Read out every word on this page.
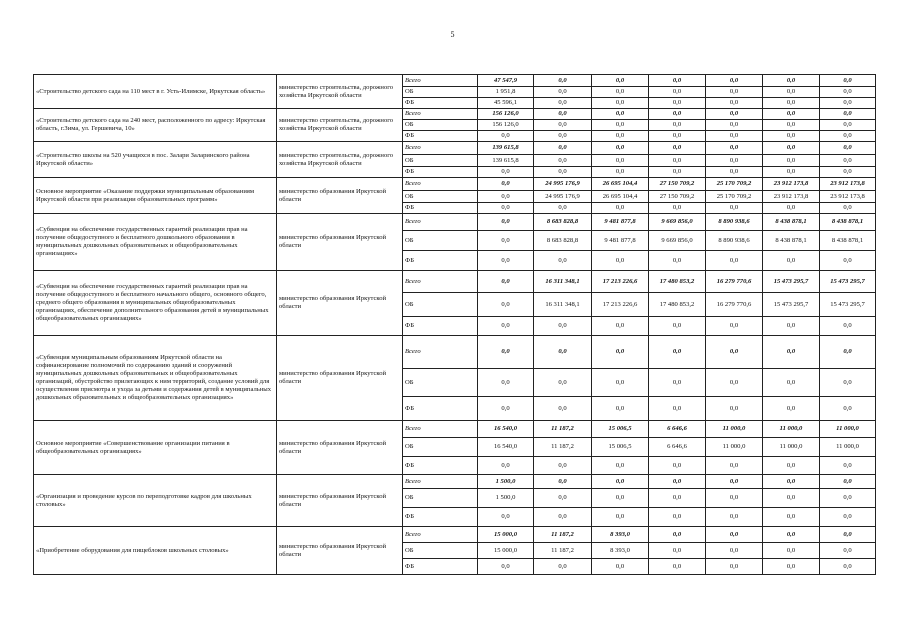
5
«Строительство детского сада на 110 мест в г. Усть-Илимске, Иркутская область»	министерство строительства, дорожного хозяйства Иркутской области	Всего	47 547,9	0,0	0,0	0,0	0,0	0,0	0,0
		ОБ	1 951,8	0,0	0,0	0,0	0,0	0,0	0,0
		ФБ	45 596,1	0,0	0,0	0,0	0,0	0,0	0,0
«Строительство детского сада на 240 мест, расположенного по адресу: Иркутская область, г.Зима, ул. Гершевича, 10»	министерство строительства, дорожного хозяйства Иркутской области	Всего	156 126,0	0,0	0,0	0,0	0,0	0,0	0,0
		ОБ	156 126,0	0,0	0,0	0,0	0,0	0,0	0,0
		ФБ	0,0	0,0	0,0	0,0	0,0	0,0	0,0
«Строительство школы на 520 учащихся в пос. Залари Заларинского района Иркутской области»	министерство строительства, дорожного хозяйства Иркутской области	Всего	139 615,8	0,0	0,0	0,0	0,0	0,0	0,0
		ОБ	139 615,8	0,0	0,0	0,0	0,0	0,0	0,0
		ФБ	0,0	0,0	0,0	0,0	0,0	0,0	0,0
Основное мероприятие «Оказание поддержки муниципальным образованиям Иркутской области при реализации образовательных программ»	министерство образования Иркутской области	Всего	0,0	24 995 176,9	26 695 104,4	27 150 709,2	25 170 709,2	23 912 173,8	23 912 173,8
		ОБ	0,0	24 995 176,9	26 695 104,4	27 150 709,2	25 170 709,2	23 912 173,8	23 912 173,8
		ФБ	0,0	0,0	0,0	0,0	0,0	0,0	0,0
«Субвенция на обеспечение государственных гарантий реализации прав на получение общедоступного и бесплатного дошкольного образования в муниципальных дошкольных образовательных и общеобразовательных организациях»	министерство образования Иркутской области	Всего	0,0	8 683 828,8	9 481 877,8	9 669 856,0	8 890 938,6	8 438 878,1	8 438 878,1
		ОБ	0,0	8 683 828,8	9 481 877,8	9 669 856,0	8 890 938,6	8 438 878,1	8 438 878,1
		ФБ	0,0	0,0	0,0	0,0	0,0	0,0	0,0
«Субвенция на обеспечение государственных гарантий реализации прав на получение общедоступного и бесплатного начального общего, основного общего, среднего общего образования в муниципальных общеобразовательных организациях, обеспечение дополнительного образования детей в муниципальных общеобразовательных организациях»	министерство образования Иркутской области	Всего	0,0	16 311 348,1	17 213 226,6	17 480 853,2	16 279 770,6	15 473 295,7	15 473 295,7
		ОБ	0,0	16 311 348,1	17 213 226,6	17 480 853,2	16 279 770,6	15 473 295,7	15 473 295,7
		ФБ	0,0	0,0	0,0	0,0	0,0	0,0	0,0
«Субвенция муниципальным образованиям Иркутской области на софинансирование полномочий по содержанию зданий и сооружений муниципальных дошкольных образовательных и общеобразовательных организаций, обустройство прилегающих к ним территорий, создание условий для осуществления присмотра и ухода за детьми и содержания детей в муниципальных дошкольных образовательных и общеобразовательных организациях»	министерство образования Иркутской области	Всего	0,0	0,0	0,0	0,0	0,0	0,0	0,0
		ОБ	0,0	0,0	0,0	0,0	0,0	0,0	0,0
		ФБ	0,0	0,0	0,0	0,0	0,0	0,0	0,0
Основное мероприятие «Совершенствование организации питания в общеобразовательных организациях»	министерство образования Иркутской области	Всего	16 540,0	11 187,2	15 006,5	6 646,6	11 000,0	11 000,0	11 000,0
		ОБ	16 540,0	11 187,2	15 006,5	6 646,6	11 000,0	11 000,0	11 000,0
		ФБ	0,0	0,0	0,0	0,0	0,0	0,0	0,0
«Организация и проведение курсов по переподготовке кадров для школьных столовых»	министерство образования Иркутской области	Всего	1 500,0	0,0	0,0	0,0	0,0	0,0	0,0
		ОБ	1 500,0	0,0	0,0	0,0	0,0	0,0	0,0
		ФБ	0,0	0,0	0,0	0,0	0,0	0,0	0,0
«Приобретение оборудования для пищеблоков школьных столовых»	министерство образования Иркутской области	Всего	15 000,0	11 187,2	8 393,0	0,0	0,0	0,0	0,0
		ОБ	15 000,0	11 187,2	8 393,0	0,0	0,0	0,0	0,0
		ФБ	0,0	0,0	0,0	0,0	0,0	0,0	0,0
